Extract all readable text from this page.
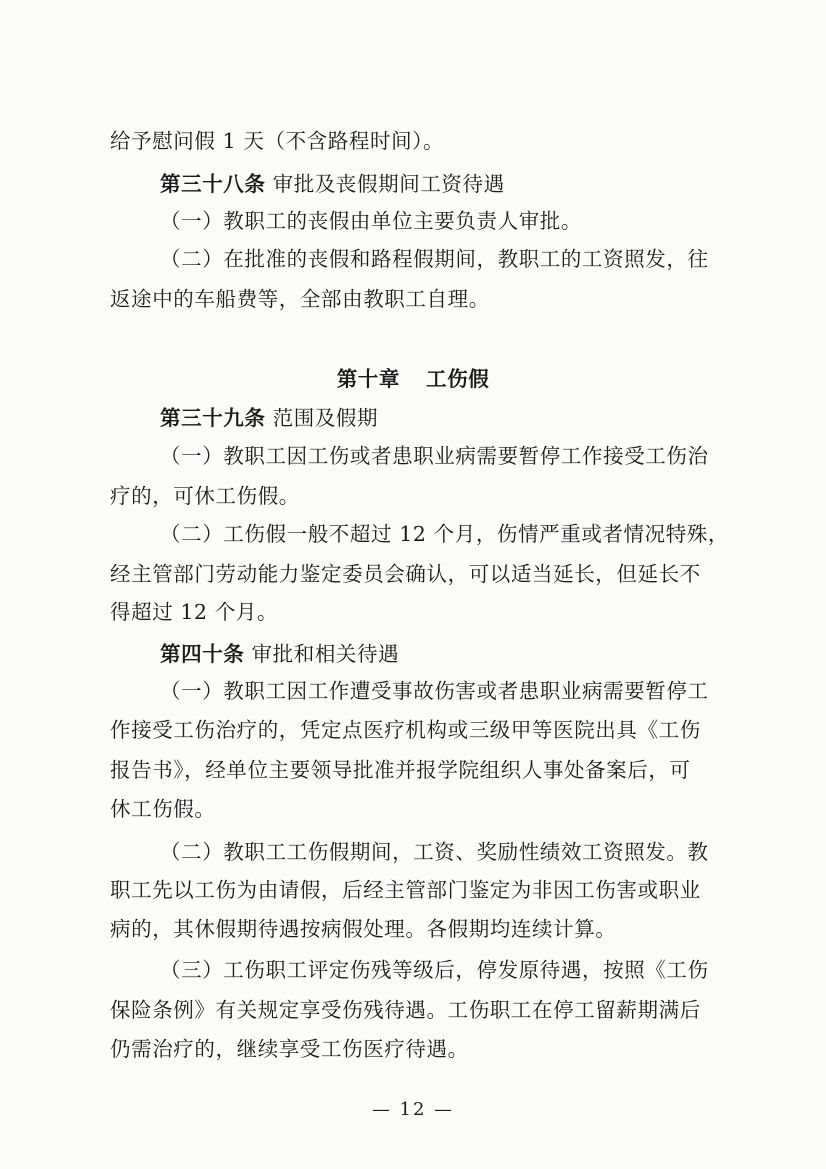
给予慰问假 1 天（不含路程时间）。
第三十八条 审批及丧假期间工资待遇
（一）教职工的丧假由单位主要负责人审批。
（二）在批准的丧假和路程假期间，教职工的工资照发，往
返途中的车船费等，全部由教职工自理。
第十章 工伤假
第三十九条 范围及假期
（一）教职工因工伤或者患职业病需要暂停工作接受工伤治
疗的，可休工伤假。
（二）工伤假一般不超过 12 个月，伤情严重或者情况特殊，
经主管部门劳动能力鉴定委员会确认，可以适当延长，但延长不
得超过 12 个月。
第四十条 审批和相关待遇
（一）教职工因工作遭受事故伤害或者患职业病需要暂停工
作接受工伤治疗的，凭定点医疗机构或三级甲等医院出具《工伤
报告书》，经单位主要领导批准并报学院组织人事处备案后，可
休工伤假。
（二）教职工工伤假期间，工资、奖励性绩效工资照发。教
职工先以工伤为由请假，后经主管部门鉴定为非因工伤害或职业
病的，其休假期待遇按病假处理。各假期均连续计算。
（三）工伤职工评定伤残等级后，停发原待遇，按照《工伤
保险条例》有关规定享受伤残待遇。工伤职工在停工留薪期满后
仍需治疗的，继续享受工伤医疗待遇。
— 12 —
